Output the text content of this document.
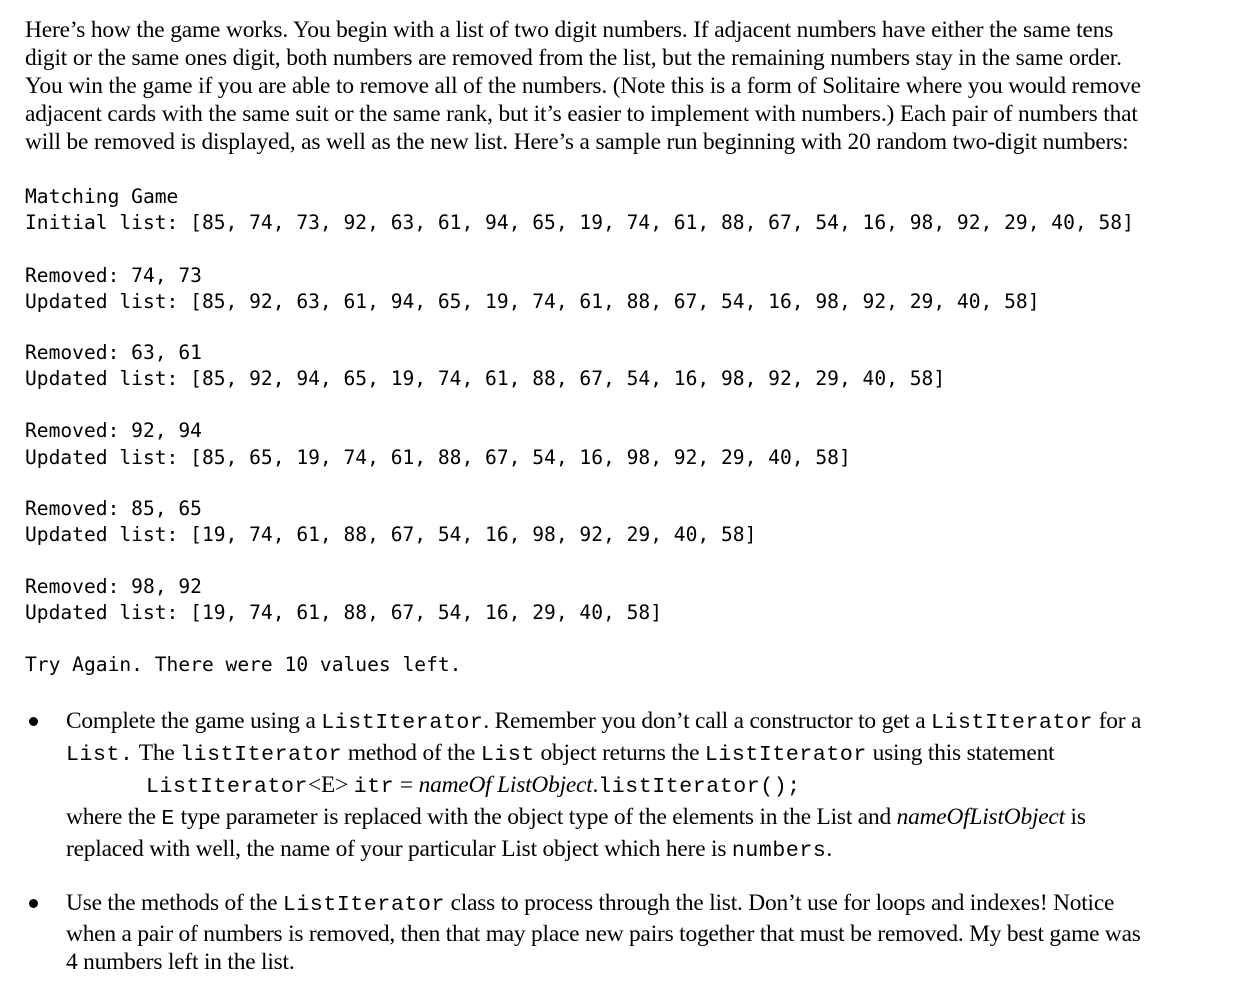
Here’s how the game works. You begin with a list of two digit numbers. If adjacent numbers have either the same tens
digit or the same ones digit, both numbers are removed from the list, but the remaining numbers stay in the same order.
You win the game if you are able to remove all of the numbers. (Note this is a form of Solitaire where you would remove
adjacent cards with the same suit or the same rank, but it’s easier to implement with numbers.) Each pair of numbers that
will be removed is displayed, as well as the new list. Here’s a sample run beginning with 20 random two-digit numbers:
Matching Game
Initial list: [85, 74, 73, 92, 63, 61, 94, 65, 19, 74, 61, 88, 67, 54, 16, 98, 92, 29, 40, 58]
Removed: 74, 73
Updated list: [85, 92, 63, 61, 94, 65, 19, 74, 61, 88, 67, 54, 16, 98, 92, 29, 40, 58]
Removed: 63, 61
Updated list: [85, 92, 94, 65, 19, 74, 61, 88, 67, 54, 16, 98, 92, 29, 40, 58]
Removed: 92, 94
Updated list: [85, 65, 19, 74, 61, 88, 67, 54, 16, 98, 92, 29, 40, 58]
Removed: 85, 65
Updated list: [19, 74, 61, 88, 67, 54, 16, 98, 92, 29, 40, 58]
Removed: 98, 92
Updated list: [19, 74, 61, 88, 67, 54, 16, 29, 40, 58]
Try Again. There were 10 values left.
Complete the game using a ListIterator. Remember you don’t call a constructor to get a ListIterator for a
List. The listIterator method of the List object returns the ListIterator using this statement
ListIterator<E> itr = nameOf ListObject.listIterator();
where the E type parameter is replaced with the object type of the elements in the List and nameOfListObject is
replaced with well, the name of your particular List object which here is numbers.
Use the methods of the ListIterator class to process through the list. Don’t use for loops and indexes! Notice
when a pair of numbers is removed, then that may place new pairs together that must be removed. My best game was
4 numbers left in the list.
